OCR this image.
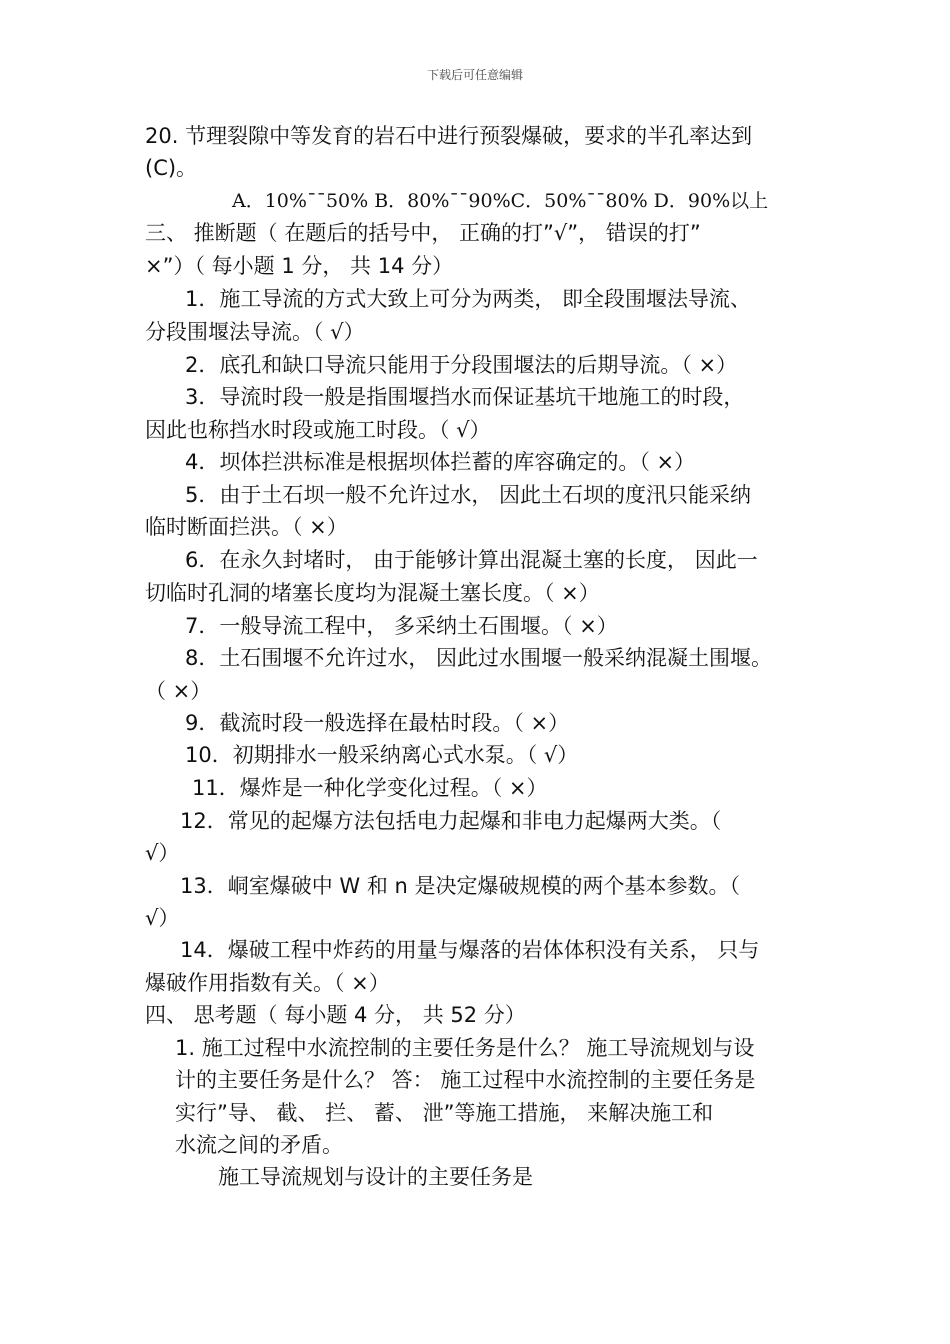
下载后可任意编辑
20. 节理裂隙中等发育的岩石中进行预裂爆破，要求的半孔率达到
(C)。
A．10%¯¯50% B．80%¯¯90%C．50%¯¯80% D．90%以上
三、 推断题（ 在题后的括号中， 正确的打”√”， 错误的打”
×”）（ 每小题 1 分， 共 14 分）
1．施工导流的方式大致上可分为两类， 即全段围堰法导流、
分段围堰法导流。（ √）
2．底孔和缺口导流只能用于分段围堰法的后期导流。（ ×）
3．导流时段一般是指围堰挡水而保证基坑干地施工的时段，
因此也称挡水时段或施工时段。（ √）
4．坝体拦洪标准是根据坝体拦蓄的库容确定的。（ ×）
5．由于土石坝一般不允许过水， 因此土石坝的度汛只能采纳
临时断面拦洪。（ ×）
6．在永久封堵时， 由于能够计算出混凝土塞的长度， 因此一
切临时孔洞的堵塞长度均为混凝土塞长度。（ ×）
7．一般导流工程中， 多采纳土石围堰。（ ×）
8．土石围堰不允许过水， 因此过水围堰一般采纳混凝土围堰。
（ ×）
9．截流时段一般选择在最枯时段。（ ×）
10．初期排水一般采纳离心式水泵。（ √）
11．爆炸是一种化学变化过程。（ ×）
12．常见的起爆方法包括电力起爆和非电力起爆两大类。（
√）
13．峒室爆破中 W 和 n 是决定爆破规模的两个基本参数。（
√）
14．爆破工程中炸药的用量与爆落的岩体体积没有关系， 只与
爆破作用指数有关。（ ×）
四、 思考题（ 每小题 4 分， 共 52 分）
1. 施工过程中水流控制的主要任务是什么？ 施工导流规划与设
计的主要任务是什么？ 答： 施工过程中水流控制的主要任务是
实行”导、 截、 拦、 蓄、 泄”等施工措施， 来解决施工和
水流之间的矛盾。
施工导流规划与设计的主要任务是
